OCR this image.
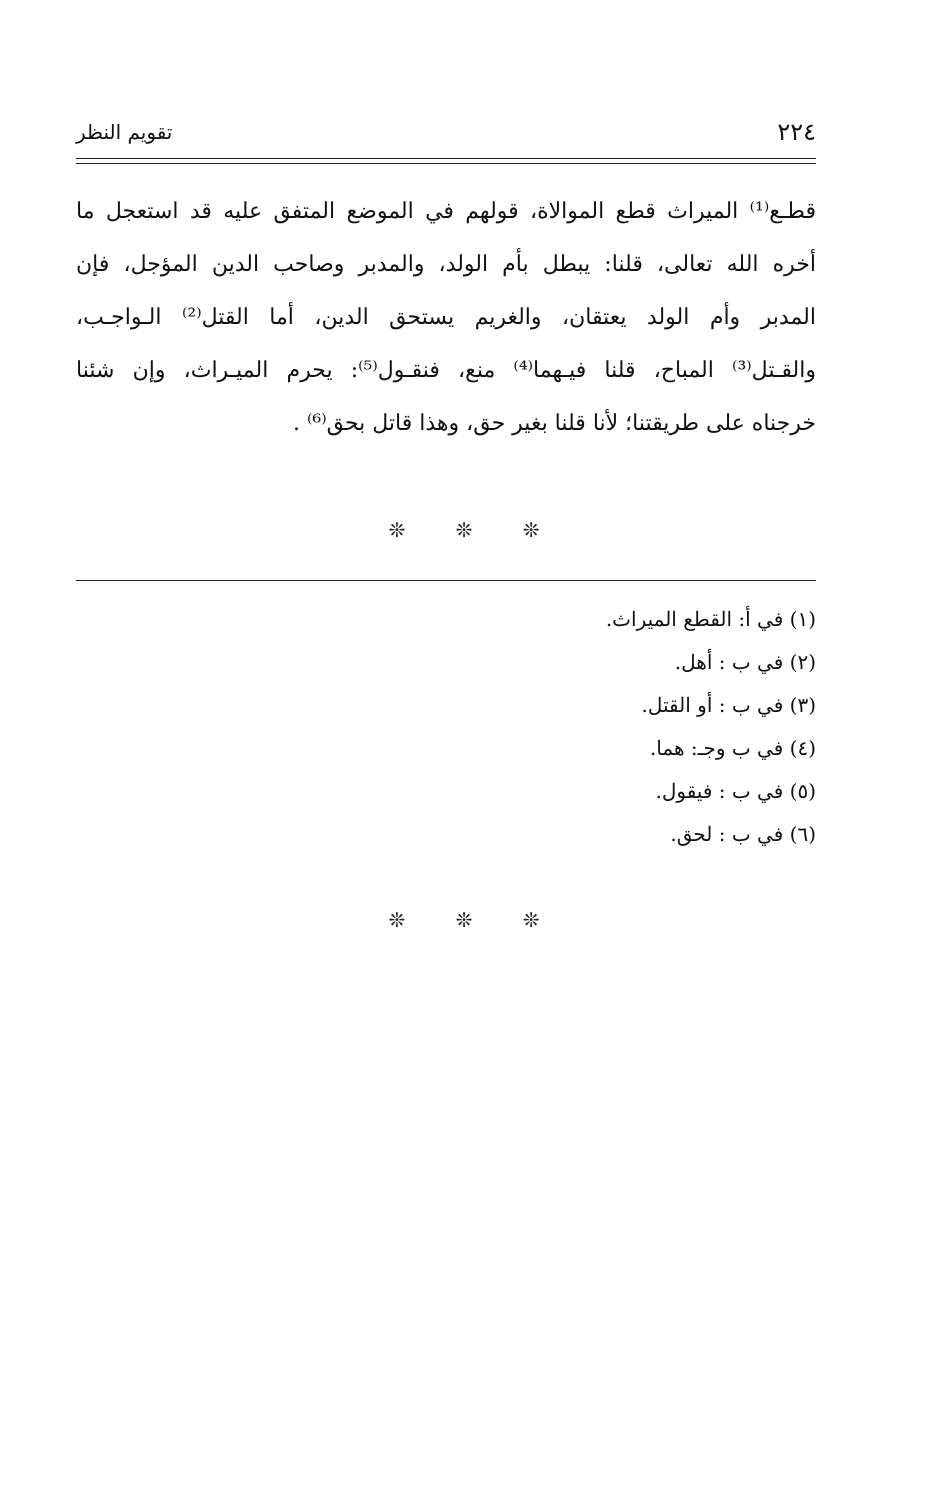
٢٢٤
تقويم النظر
قطـع⁽¹⁾ الميراث قطع الموالاة، قولهم في الموضع المتفق عليه قد استعجل ما
أخره الله تعالى، قلنا: يبطل بأم الولد، والمدبر وصاحب الدين المؤجل، فإن
المدبر وأم الولد يعتقان، والغريم يستحق الدين، أما القتل⁽²⁾ الـواجـب،
والقـتل⁽³⁾ المباح، قلنا فيـهما⁽⁴⁾ منع، فنقـول⁽⁵⁾: يحرم الميـراث، وإن شئنا
خرجناه على طريقتنا؛ لأنا قلنا بغير حق، وهذا قاتل بحق⁽⁶⁾ .
❊ ❊ ❊
(١) في أ: القطع الميراث.
(٢) في ب : أهل.
(٣) في ب : أو القتل.
(٤) في ب وجـ: هما.
(٥) في ب : فيقول.
(٦) في ب : لحق.
❊ ❊ ❊
